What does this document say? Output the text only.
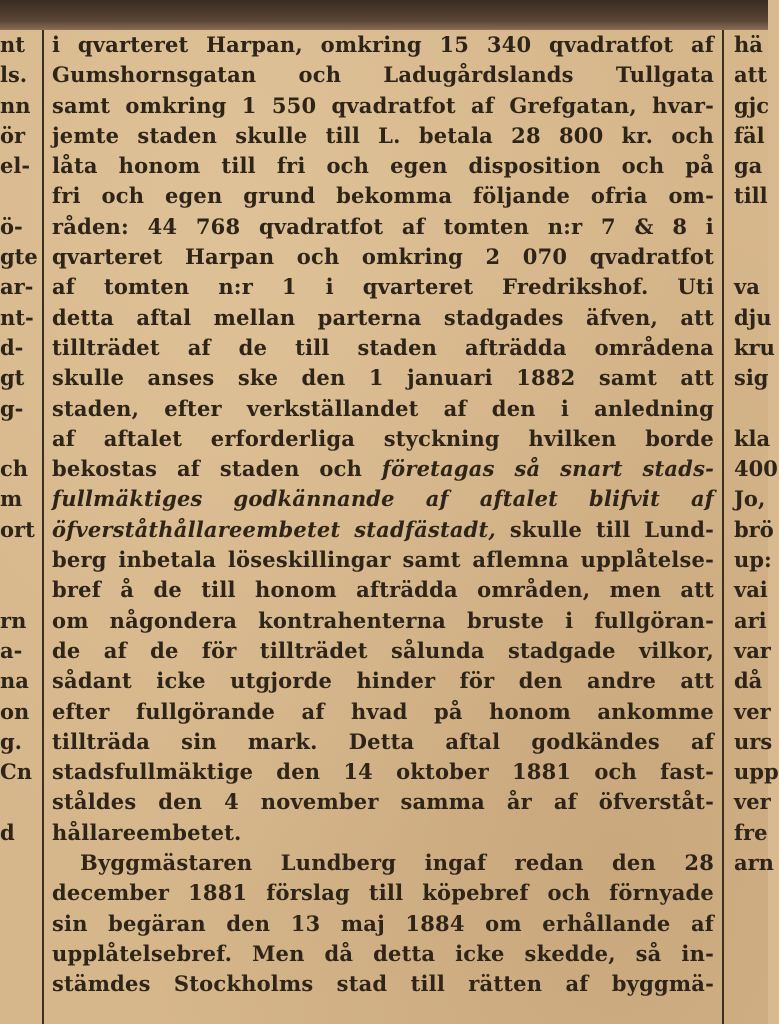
nt
ls.
nn
ör
el-
ö-
gte
ar-
nt-
d-
gt
g-
ch
m
ort
rn
a-
na
on
g.
Cn
d
i qvarteret Harpan, omkring 15 340 qvadratfot af
Gumshornsgatan och Ladugårdslands Tullgata
samt omkring 1 550 qvadratfot af Grefgatan, hvar-
jemte staden skulle till L. betala 28 800 kr. och
låta honom till fri och egen disposition och på
fri och egen grund bekomma följande ofria om-
råden: 44 768 qvadratfot af tomten n:r 7 & 8 i
qvarteret Harpan och omkring 2 070 qvadratfot
af tomten n:r 1 i qvarteret Fredrikshof. Uti
detta aftal mellan parterna stadgades äfven, att
tillträdet af de till staden afträdda områdena
skulle anses ske den 1 januari 1882 samt att
staden, efter verkställandet af den i anledning
af aftalet erforderliga styckning hvilken borde
bekostas af staden och företagas så snart stads-
fullmäktiges godkännande af aftalet blifvit af
öfverståthållareembetet stadfästadt, skulle till Lund-
berg inbetala löseskillingar samt aflemna upplåtelse-
bref å de till honom afträdda områden, men att
om någondera kontrahenterna bruste i fullgöran-
de af de för tillträdet sålunda stadgade vilkor,
sådant icke utgjorde hinder för den andre att
efter fullgörande af hvad på honom ankomme
tillträda sin mark. Detta aftal godkändes af
stadsfullmäktige den 14 oktober 1881 och fast-
ståldes den 4 november samma år af öfverståt-
hållareembetet.
Byggmästaren Lundberg ingaf redan den 28
december 1881 förslag till köpebref och förnyade
sin begäran den 13 maj 1884 om erhållande af
upplåtelsebref. Men då detta icke skedde, så in-
stämdes Stockholms stad till rätten af byggmä-
hä
att
gjc
fäl
ga
till
va
dju
kru
sig
kla
400
Jo,
brö
up:
vai
ari
var
då
ver
urs
upp
ver
fre
arn
